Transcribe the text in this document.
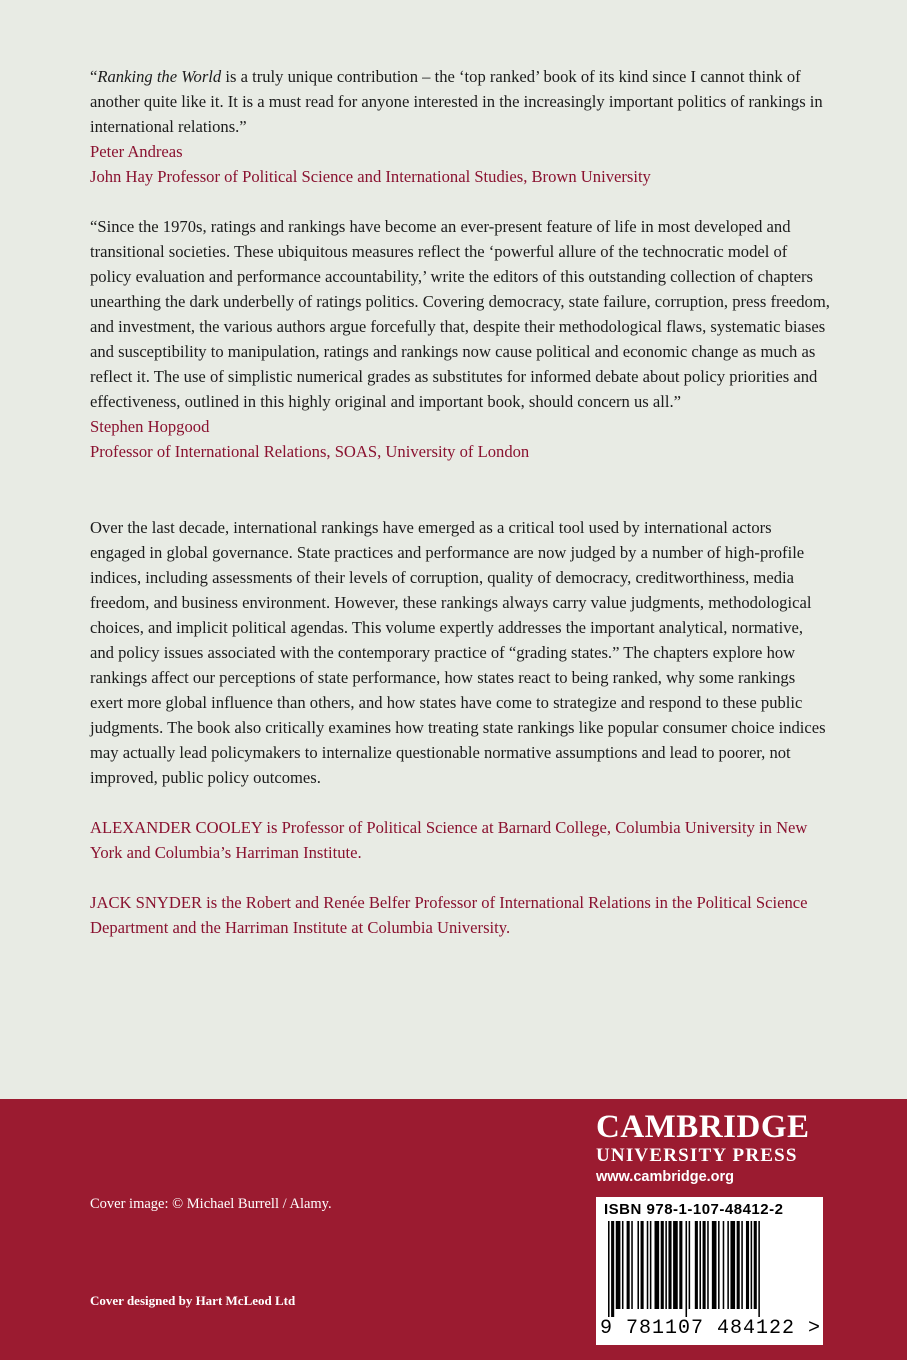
“Ranking the World is a truly unique contribution – the ‘top ranked’ book of its kind since I cannot think of another quite like it. It is a must read for anyone interested in the increasingly important politics of rankings in international relations.”

Peter Andreas

John Hay Professor of Political Science and International Studies, Brown University

“Since the 1970s, ratings and rankings have become an ever-present feature of life in most developed and transitional societies. These ubiquitous measures reflect the ‘powerful allure of the technocratic model of policy evaluation and performance accountability,’ write the editors of this outstanding collection of chapters unearthing the dark underbelly of ratings politics. Covering democracy, state failure, corruption, press freedom, and investment, the various authors argue forcefully that, despite their methodological flaws, systematic biases and susceptibility to manipulation, ratings and rankings now cause political and economic change as much as reflect it. The use of simplistic numerical grades as substitutes for informed debate about policy priorities and effectiveness, outlined in this highly original and important book, should concern us all.”

Stephen Hopgood

Professor of International Relations, SOAS, University of London

Over the last decade, international rankings have emerged as a critical tool used by international actors engaged in global governance. State practices and performance are now judged by a number of high-profile indices, including assessments of their levels of corruption, quality of democracy, creditworthiness, media freedom, and business environment. However, these rankings always carry value judgments, methodological choices, and implicit political agendas. This volume expertly addresses the important analytical, normative, and policy issues associated with the contemporary practice of “grading states.” The chapters explore how rankings affect our perceptions of state performance, how states react to being ranked, why some rankings exert more global influence than others, and how states have come to strategize and respond to these public judgments. The book also critically examines how treating state rankings like popular consumer choice indices may actually lead policymakers to internalize questionable normative assumptions and lead to poorer, not improved, public policy outcomes.

ALEXANDER COOLEY is Professor of Political Science at Barnard College, Columbia University in New York and Columbia’s Harriman Institute.

JACK SNYDER is the Robert and Renée Belfer Professor of International Relations in the Political Science Department and the Harriman Institute at Columbia University.

Cover image: © Michael Burrell / Alamy.
Cover designed by Hart McLeod Ltd
CAMBRIDGE
UNIVERSITY PRESS
www.cambridge.org
ISBN 978-1-107-48412-2
9 781107 484122 >
